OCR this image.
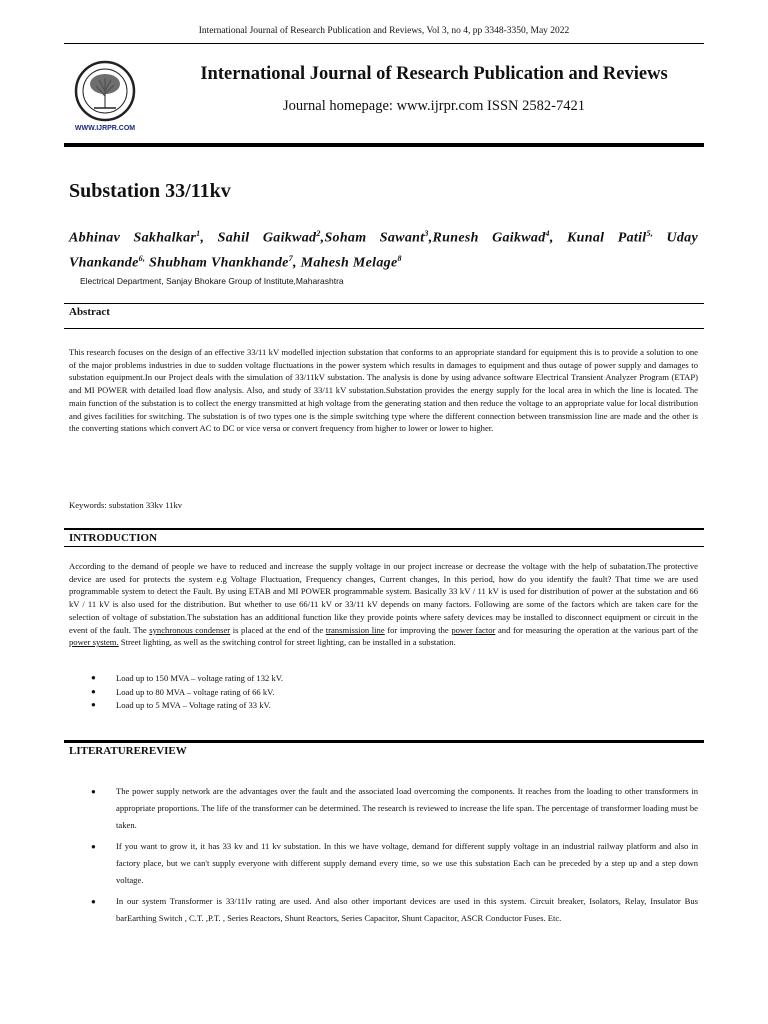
International Journal of Research Publication and Reviews, Vol 3, no 4, pp 3348-3350, May 2022
WWW.IJRPR.COM
International Journal of Research Publication and Reviews
Journal homepage: www.ijrpr.com ISSN 2582-7421
Substation 33/11kv
Abhinav Sakhalkar$^1$, Sahil Gaikwad$^2$,Soham Sawant$^3$,Runesh Gaikwad$^4$, Kunal Patil$^{5,}$ Uday Vhankande$^{6,}$ Shubham Vhankhande$^7$, Mahesh Melage$^8$
Electrical Department, Sanjay Bhokare Group of Institute,Maharashtra
Abstract
This research focuses on the design of an effective 33/11 kV modelled injection substation that conforms to an appropriate standard for equipment this is to provide a solution to one of the major problems industries in due to sudden voltage fluctuations in the power system which results in damages to equipment and thus outage of power supply and damages to substation equipment.In our Project deals with the simulation of 33/11kV substation. The analysis is done by using advance software Electrical Transient Analyzer Program (ETAP) and MI POWER with detailed load flow analysis. Also, and study of 33/11 kV substation.Substation provides the energy supply for the local area in which the line is located. The main function of the substation is to collect the energy transmitted at high voltage from the generating station and then reduce the voltage to an appropriate value for local distribution and gives facilities for switching. The substation is of two types one is the simple switching type where the different connection between transmission line are made and the other is the converting stations which convert AC to DC or vice versa or convert frequency from higher to lower or lower to higher.
Keywords: substation 33kv 11kv
INTRODUCTION
According to the demand of people we have to reduced and increase the supply voltage in our project increase or decrease the voltage with the help of subatation.The protective device are used for protects the system e.g Voltage Fluctuation, Frequency changes, Current changes, In this period, how do you identify the fault? That time we are used programmable system to detect the Fault. By using ETAB and MI POWER programmable system. Basically 33 kV / 11 kV is used for distribution of power at the substation and 66 kV / 11 kV is also used for the distribution. But whether to use 66/11 kV or 33/11 kV depends on many factors. Following are some of the factors which are taken care for the selection of voltage of substation.The substation has an additional function like they provide points where safety devices may be installed to disconnect equipment or circuit in the event of the fault. The synchronous condenser is placed at the end of the transmission line for improving the power factor and for measuring the operation at the various part of the power system. Street lighting, as well as the switching control for street lighting, can be installed in a substation.
● Load up to 150 MVA – voltage rating of 132 kV.
● Load up to 80 MVA – voltage rating of 66 kV.
● Load up to 5 MVA – Voltage rating of 33 kV.
LITERATUREREVIEW
● The power supply network are the advantages over the fault and the associated load overcoming the components. It reaches from the loading to other transformers in appropriate proportions. The life of the transformer can be determined. The research is reviewed to increase the life span. The percentage of transformer loading must be taken.
● If you want to grow it, it has 33 kv and 11 kv substation. In this we have voltage, demand for different supply voltage in an industrial railway platform and also in factory place, but we can't supply everyone with different supply demand every time, so we use this substation Each can be preceded by a step up and a step down voltage.
● In our system Transformer is 33/11lv rating are used. And also other important devices are used in this system. Circuit breaker, Isolators, Relay, Insulator Bus barEarthing Switch , C.T. ,P.T. , Series Reactors, Shunt Reactors, Series Capacitor, Shunt Capacitor, ASCR Conductor Fuses. Etc.
